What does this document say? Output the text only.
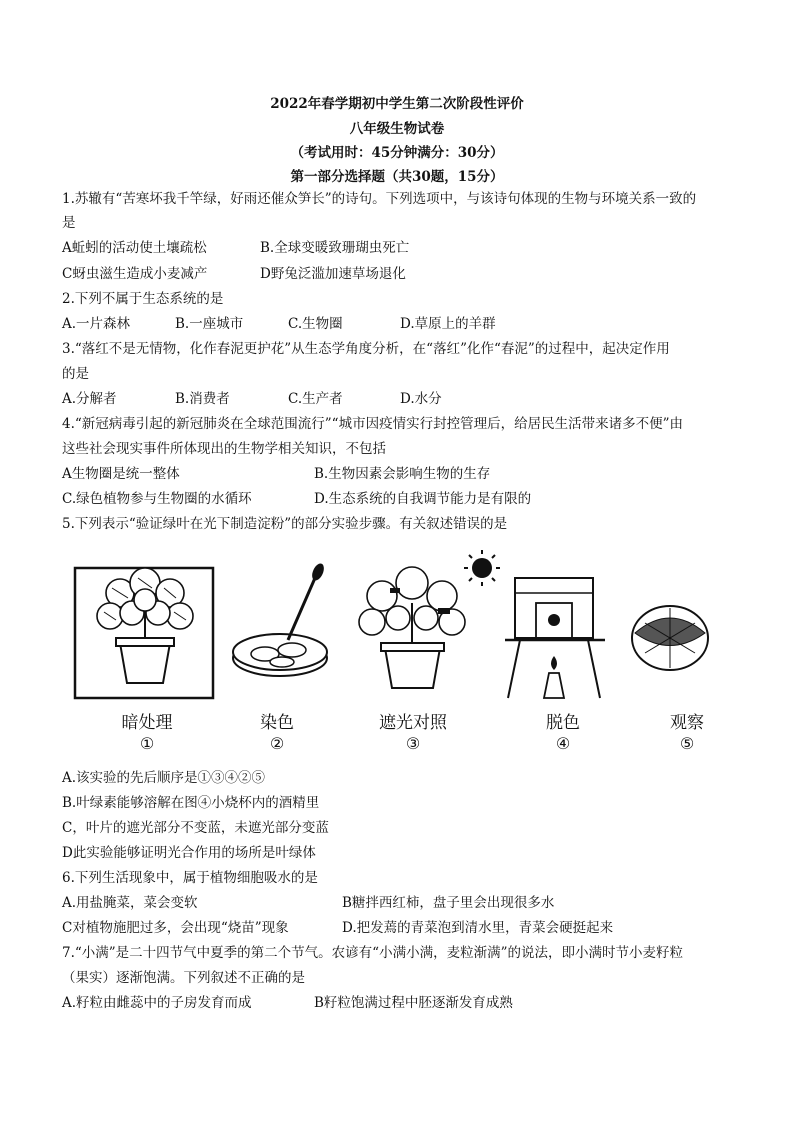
2022年春学期初中学生第二次阶段性评价
八年级生物试卷
（考试用时：45分钟满分：30分）
第一部分选择题（共30题，15分）
1.苏辙有“苦寒坏我千竿绿，好雨还催众笋长”的诗句。下列选项中，与该诗句体现的生物与环境关系一致的
是
A蚯蚓的活动使土壤疏松	B.全球变暖致珊瑚虫死亡
C蚜虫滋生造成小麦减产	D野兔泛滥加速草场退化
2.下列不属于生态系统的是
A.一片森林	B.一座城市	C.生物圈	D.草原上的羊群
3.“落红不是无情物，化作春泥更护花”从生态学角度分析，在“落红”化作“春泥”的过程中，起决定作用
的是
A.分解者	B.消费者	C.生产者	D.水分
4.“新冠病毒引起的新冠肺炎在全球范围流行”“城市因疫情实行封控管理后，给居民生活带来诸多不便”由
这些社会现实事件所体现出的生物学相关知识，不包括
A生物圈是统一整体	B.生物因素会影响生物的生存
C.绿色植物参与生物圈的水循环	D.生态系统的自我调节能力是有限的
5.下列表示“验证绿叶在光下制造淀粉”的部分实验步骤。有关叙述错误的是
暗处理	染色	遮光对照	脱色	观察
①	②	③	④	⑤
A.该实验的先后顺序是①③④②⑤
B.叶绿素能够溶解在图④小烧杯内的酒精里
C，叶片的遮光部分不变蓝，未遮光部分变蓝
D此实验能够证明光合作用的场所是叶绿体
6.下列生活现象中，属于植物细胞吸水的是
A.用盐腌菜，菜会变软	B糖拌西红柿，盘子里会出现很多水
C对植物施肥过多，会出现“烧苗”现象	D.把发蔫的青菜泡到清水里，青菜会硬挺起来
7.“小满”是二十四节气中夏季的第二个节气。农谚有“小满小满，麦粒渐满”的说法，即小满时节小麦籽粒
（果实）逐渐饱满。下列叙述不正确的是
A.籽粒由雌蕊中的子房发育而成	B籽粒饱满过程中胚逐渐发育成熟
